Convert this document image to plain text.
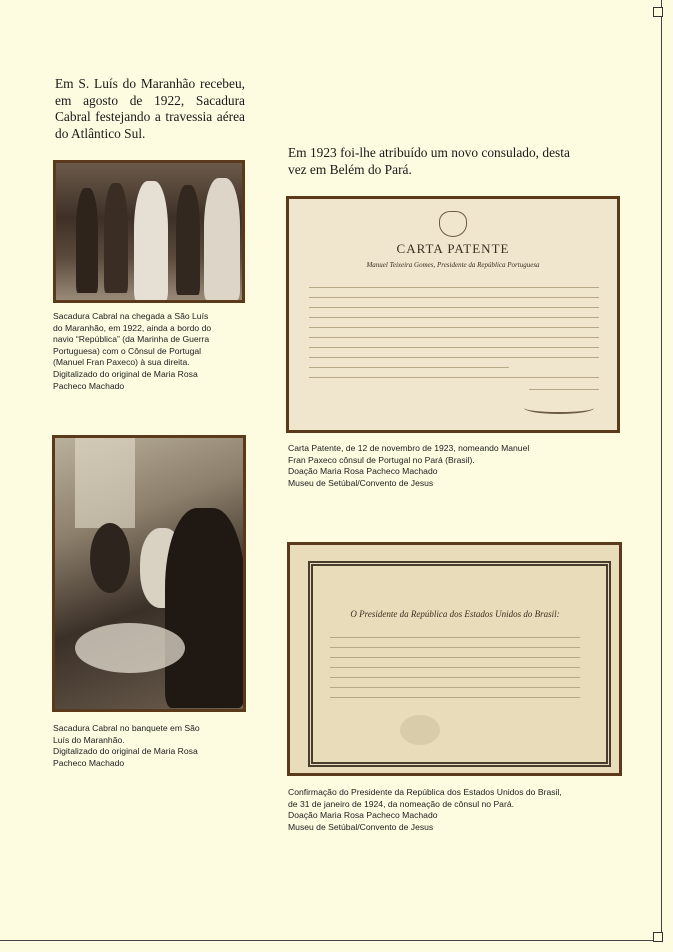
Em S. Luís do Maranhão recebeu, em agosto de 1922, Sacadura Cabral festejando a travessia aérea do Atlântico Sul.
Em 1923 foi-lhe atribuído um novo consulado, desta vez em Belém do Pará.
Sacadura Cabral na chegada a São Luís
do Maranhão, em 1922, ainda a bordo do
navio “República” (da Marinha de Guerra
Portuguesa) com o Cônsul de Portugal
(Manuel Fran Paxeco) à sua direita.
Digitalizado do original de Maria Rosa
Pacheco Machado
Sacadura Cabral no banquete em São
Luís do Maranhão.
Digitalizado do original de Maria Rosa
Pacheco Machado
CARTA PATENTE
Manuel Teixeira Gomes, Presidente da República Portuguesa
Carta Patente, de 12 de novembro de 1923, nomeando Manuel
Fran Paxeco cônsul de Portugal no Pará (Brasil).
Doação Maria Rosa Pacheco Machado
Museu de Setúbal/Convento de Jesus
O Presidente da República dos Estados Unidos do Brasil:
Confirmação do Presidente da República dos Estados Unidos do Brasil,
de 31 de janeiro de 1924, da nomeação de cônsul no Pará.
Doação Maria Rosa Pacheco Machado
Museu de Setúbal/Convento de Jesus
